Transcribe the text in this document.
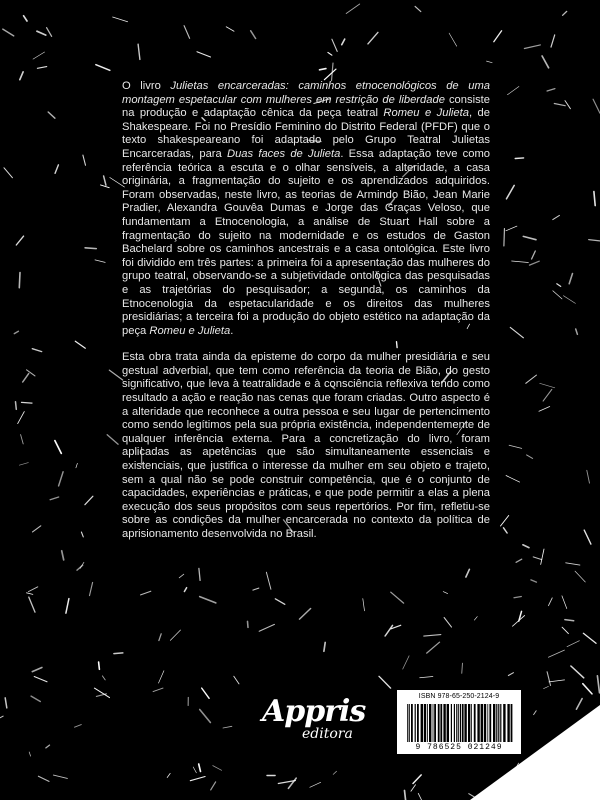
O livro Julietas encarceradas: caminhos etnocenológicos de uma montagem espetacular com mulheres em restrição de liberdade consiste na produção e adaptação cênica da peça teatral Romeu e Julieta, de Shakespeare. Foi no Presídio Feminino do Distrito Federal (PFDF) que o texto shakespeareano foi adaptado pelo Grupo Teatral Julietas Encarceradas, para Duas faces de Julieta. Essa adaptação teve como referência teórica a escuta e o olhar sensíveis, a alteridade, a casa originária, a fragmentação do sujeito e os aprendizados adquiridos. Foram observadas, neste livro, as teorias de Armindo Bião, Jean Marie Pradier, Alexandra Gouvêa Dumas e Jorge das Graças Veloso, que fundamentam a Etnocenologia, a análise de Stuart Hall sobre a fragmentação do sujeito na modernidade e os estudos de Gaston Bachelard sobre os caminhos ancestrais e a casa ontológica. Este livro foi dividido em três partes: a primeira foi a apresentação das mulheres do grupo teatral, observando-se a subjetividade ontológica das pesquisadas e as trajetórias do pesquisador; a segunda, os caminhos da Etnocenologia da espetacularidade e os direitos das mulheres presidiárias; a terceira foi a produção do objeto estético na adaptação da peça Romeu e Julieta.

Esta obra trata ainda da episteme do corpo da mulher presidiária e seu gestual adverbial, que tem como referência da teoria de Bião, do gesto significativo, que leva à teatralidade e à consciência reflexiva tendo como resultado a ação e reação nas cenas que foram criadas. Outro aspecto é a alteridade que reconhece a outra pessoa e seu lugar de pertencimento como sendo legítimos pela sua própria existência, independentemente de qualquer inferência externa. Para a concretização do livro, foram aplicadas as apetências que são simultaneamente essenciais e existenciais, que justifica o interesse da mulher em seu objeto e trajeto, sem a qual não se pode construir competência, que é o conjunto de capacidades, experiências e práticas, e que pode permitir a elas a plena execução dos seus propósitos com seus repertórios. Por fim, refletiu-se sobre as condições da mulher encarcerada no contexto da política de aprisionamento desenvolvida no Brasil.

Appris
editora
ISBN 978-65-250-2124-9
9 786525 021249
